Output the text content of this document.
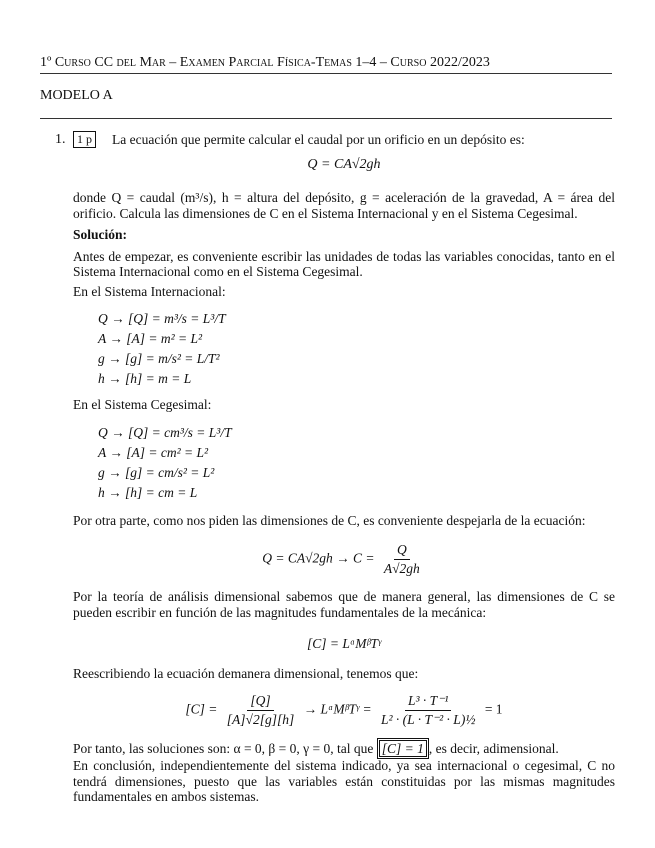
1º Curso CC del Mar – Examen Parcial Física-Temas 1–4 – Curso 2022/2023
MODELO A
1. 1 p La ecuación que permite calcular el caudal por un orificio en un depósito es:
Q = CA√2gh

donde Q = caudal (m³/s), h = altura del depósito, g = aceleración de la gravedad, A = área del orificio. Calcula las dimensiones de C en el Sistema Internacional y en el Sistema Cegesimal.

Solución:

Antes de empezar, es conveniente escribir las unidades de todas las variables conocidas, tanto en el Sistema Internacional como en el Sistema Cegesimal.

En el Sistema Internacional:

Q → [Q] = m³/s = L³/T
A → [A] = m² = L²
g → [g] = m/s² = L/T²
h → [h] = m = L

En el Sistema Cegesimal:

Q → [Q] = cm³/s = L³/T
A → [A] = cm² = L²
g → [g] = cm/s² = L²
h → [h] = cm = L

Por otra parte, como nos piden las dimensiones de C, es conveniente despejarla de la ecuación:

$Q = CA√2gh \to C = \frac{Q}{A√2gh}$

Por la teoría de análisis dimensional sabemos que de manera general, las dimensiones de C se pueden escribir en función de las magnitudes fundamentales de la mecánica:

[C] = LᵅMᵝTᵞ

Reescribiendo la ecuación demanera dimensional, tenemos que:

$[C] = \frac{[Q]}{[A]√2[g][h]}$ → LᵅMᵝTᵞ = $\frac{\text{L³ · T⁻¹}}{\text{L² · (L · T⁻² · L)½}} = 1$

Por tanto, las soluciones son: α = 0, β = 0, γ = 0, tal que [C] = 1 , es decir, adimensional.

En conclusión, independientemente del sistema indicado, ya sea internacional o cegesimal, C no tendrá dimensiones, puesto que las variables están constituidas por las mismas magnitudes fundamentales en ambos sistemas.
